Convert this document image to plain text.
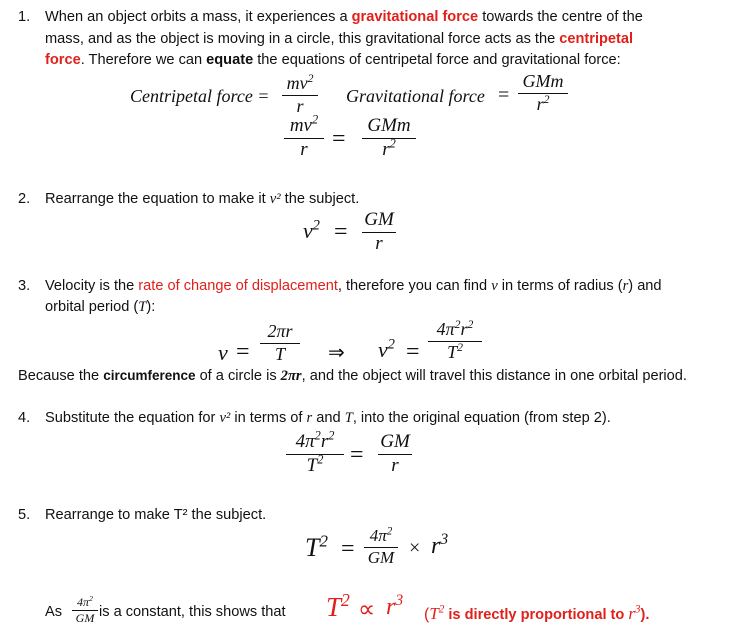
1. When an object orbits a mass, it experiences a gravitational force towards the centre of the
mass, and as the object is moving in a circle, this gravitational force acts as the centripetal
force. Therefore we can equate the equations of centripetal force and gravitational force:
Centripetal force =
$mv^2$
r	Gravitational force =
GMm
$r^2$
$mv^2$
r	=
GMm
$r^2$
2. Rearrange the equation to make it v² the subject.
$v^2$ = GM
r
3. Velocity is the rate of change of displacement, therefore you can find v in terms of radius (r) and
orbital period (T):
v =
2πr
T	⇒ $v^2$ =
$4\pi^2r^2$
$T^2$
Because the circumference of a circle is 2πr, and the object will travel this distance in one orbital period.
4. Substitute the equation for v² in terms of r and T, into the original equation (from step 2).
$4\pi^2r^2$
$T^2$	=
GM
r
5. Rearrange to make T² the subject.
$T^2$ =
$4\pi^2$
GM × $r^3$
As
$4\pi^2$
GM is a constant, this shows that $T^2 \propto r^3$
($T^2$ is directly proportional to $r^3$).
